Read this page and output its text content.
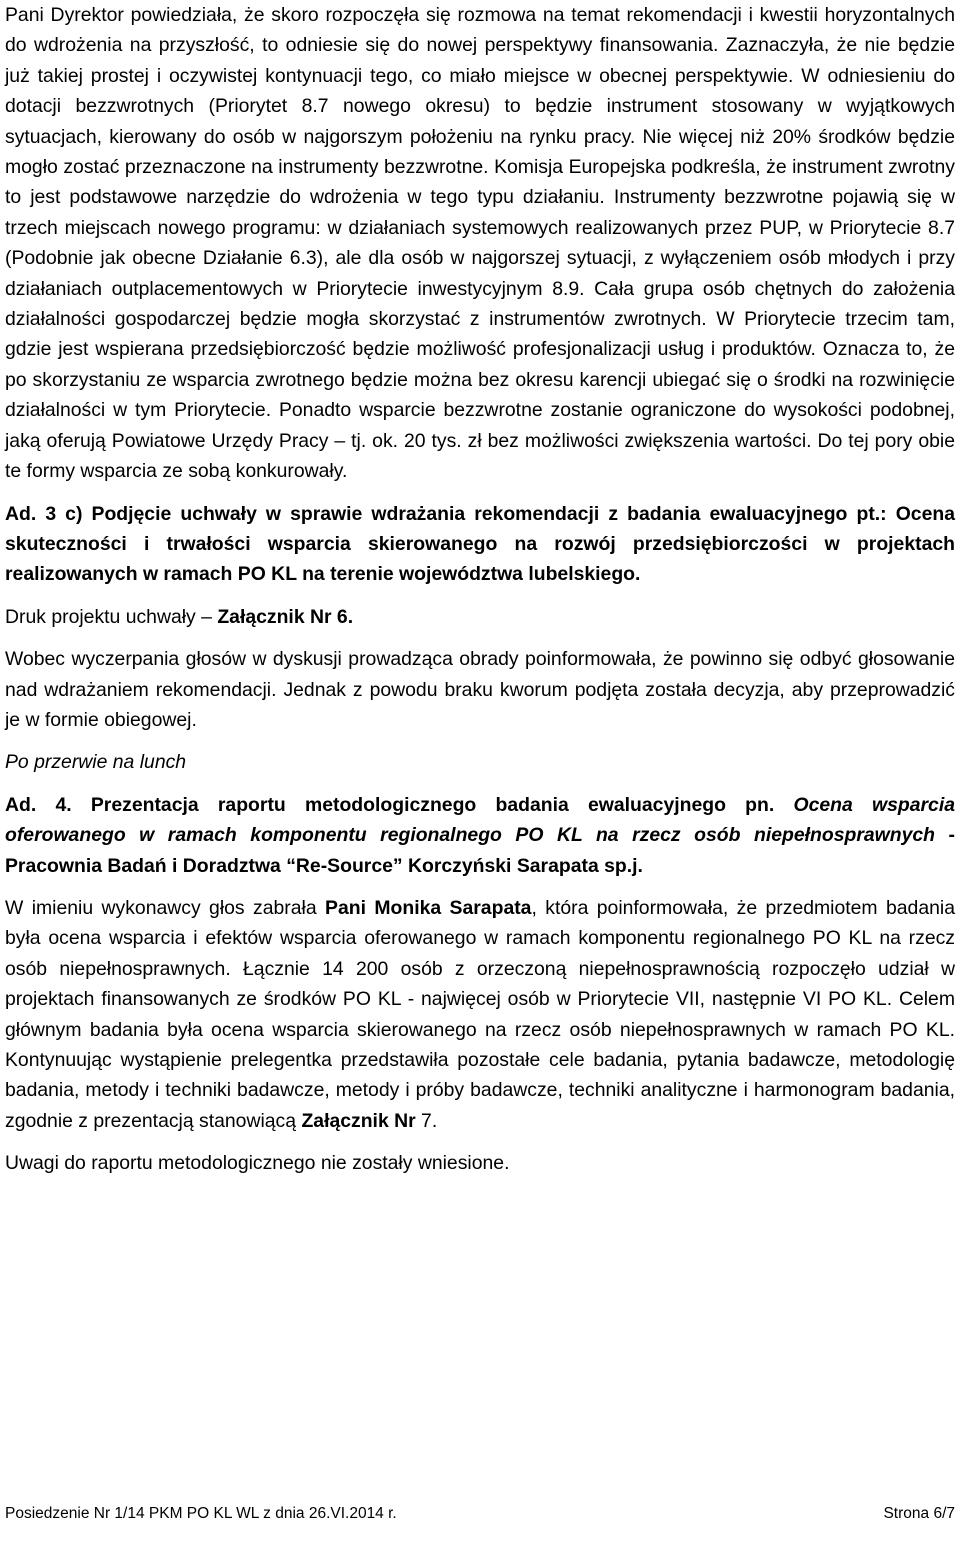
Pani Dyrektor powiedziała, że skoro rozpoczęła się rozmowa na temat rekomendacji i kwestii horyzontalnych do wdrożenia na przyszłość, to odniesie się do nowej perspektywy finansowania. Zaznaczyła, że nie będzie już takiej prostej i oczywistej kontynuacji tego, co miało miejsce w obecnej perspektywie. W odniesieniu do dotacji bezzwrotnych (Priorytet 8.7 nowego okresu) to będzie instrument stosowany w wyjątkowych sytuacjach, kierowany do osób w najgorszym położeniu na rynku pracy. Nie więcej niż 20% środków będzie mogło zostać przeznaczone na instrumenty bezzwrotne. Komisja Europejska podkreśla, że instrument zwrotny to jest podstawowe narzędzie do wdrożenia w tego typu działaniu. Instrumenty bezzwrotne pojawią się w trzech miejscach nowego programu: w działaniach systemowych realizowanych przez PUP, w Priorytecie 8.7 (Podobnie jak obecne Działanie 6.3), ale dla osób w najgorszej sytuacji, z wyłączeniem osób młodych i przy działaniach outplacementowych w Priorytecie inwestycyjnym 8.9. Cała grupa osób chętnych do założenia działalności gospodarczej będzie mogła skorzystać z instrumentów zwrotnych. W Priorytecie trzecim tam, gdzie jest wspierana przedsiębiorczość będzie możliwość profesjonalizacji usług i produktów. Oznacza to, że po skorzystaniu ze wsparcia zwrotnego będzie można bez okresu karencji ubiegać się o środki na rozwinięcie działalności w tym Priorytecie. Ponadto wsparcie bezzwrotne zostanie ograniczone do wysokości podobnej, jaką oferują Powiatowe Urzędy Pracy – tj. ok. 20 tys. zł bez możliwości zwiększenia wartości. Do tej pory obie te formy wsparcia ze sobą konkurowały.

Ad. 3 c) Podjęcie uchwały w sprawie wdrażania rekomendacji z badania ewaluacyjnego pt.: Ocena skuteczności i trwałości wsparcia skierowanego na rozwój przedsiębiorczości w projektach realizowanych w ramach PO KL na terenie województwa lubelskiego.

Druk projektu uchwały – Załącznik Nr 6.

Wobec wyczerpania głosów w dyskusji prowadząca obrady poinformowała, że powinno się odbyć głosowanie nad wdrażaniem rekomendacji. Jednak z powodu braku kworum podjęta została decyzja, aby przeprowadzić je w formie obiegowej.

Po przerwie na lunch

Ad. 4. Prezentacja raportu metodologicznego badania ewaluacyjnego pn. Ocena wsparcia oferowanego w ramach komponentu regionalnego PO KL na rzecz osób niepełnosprawnych - Pracownia Badań i Doradztwa “Re-Source” Korczyński Sarapata sp.j.

W imieniu wykonawcy głos zabrała Pani Monika Sarapata, która poinformowała, że przedmiotem badania była ocena wsparcia i efektów wsparcia oferowanego w ramach komponentu regionalnego PO KL na rzecz osób niepełnosprawnych. Łącznie 14 200 osób z orzeczoną niepełnosprawnością rozpoczęło udział w projektach finansowanych ze środków PO KL - najwięcej osób w Priorytecie VII, następnie VI PO KL. Celem głównym badania była ocena wsparcia skierowanego na rzecz osób niepełnosprawnych w ramach PO KL. Kontynuując wystąpienie prelegentka przedstawiła pozostałe cele badania, pytania badawcze, metodologię badania, metody i techniki badawcze, metody i próby badawcze, techniki analityczne i harmonogram badania, zgodnie z prezentacją stanowiącą Załącznik Nr 7.

Uwagi do raportu metodologicznego nie zostały wniesione.

Posiedzenie Nr 1/14 PKM PO KL WL z dnia 26.VI.2014 r.	Strona 6/7
